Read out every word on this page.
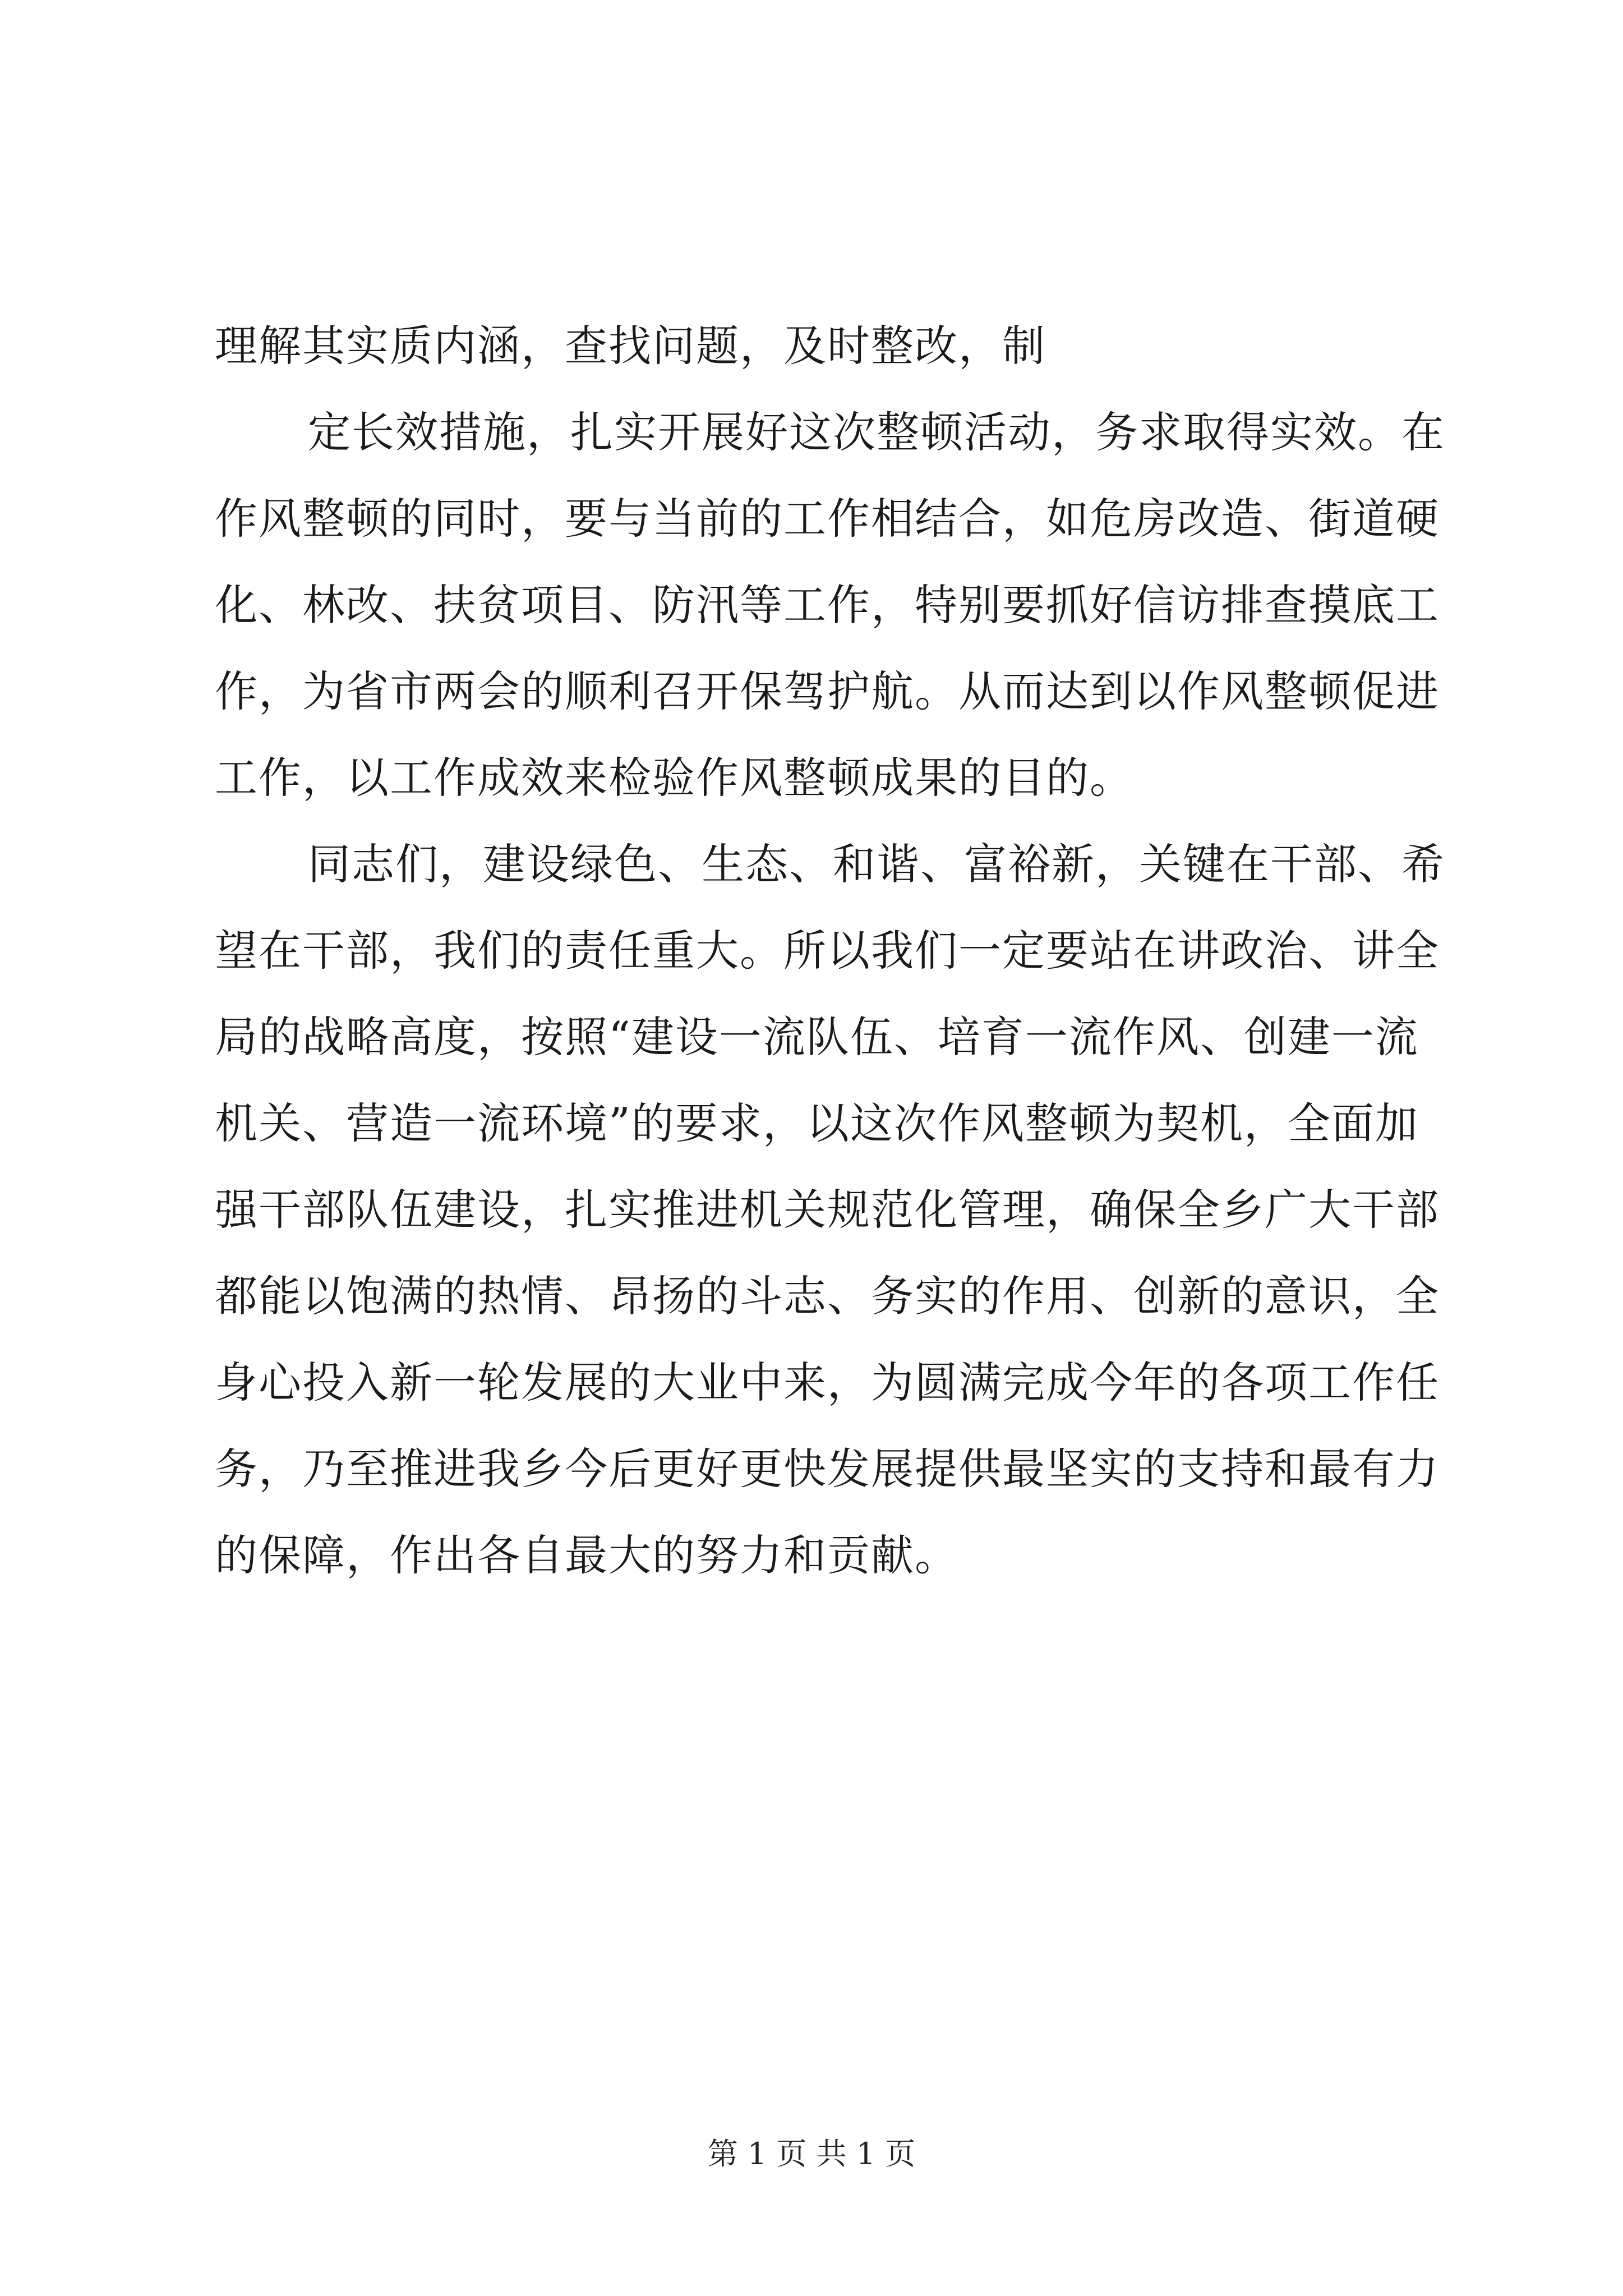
理解其实质内涵，查找问题，及时整改，制
定长效措施，扎实开展好这次整顿活动，务求取得实效。在
作风整顿的同时，要与当前的工作相结合，如危房改造、街道硬
化、林改、扶贫项目、防汛等工作，特别要抓好信访排查摸底工
作，为省市两会的顺利召开保驾护航。从而达到以作风整顿促进
工作，以工作成效来检验作风整顿成果的目的。
同志们，建设绿色、生态、和谐、富裕新，关键在干部、希
望在干部，我们的责任重大。所以我们一定要站在讲政治、讲全
局的战略高度，按照“建设一流队伍、培育一流作风、创建一流
机关、营造一流环境”的要求，以这次作风整顿为契机，全面加
强干部队伍建设，扎实推进机关规范化管理，确保全乡广大干部
都能以饱满的热情、昂扬的斗志、务实的作用、创新的意识，全
身心投入新一轮发展的大业中来，为圆满完成今年的各项工作任
务，乃至推进我乡今后更好更快发展提供最坚实的支持和最有力
的保障，作出各自最大的努力和贡献。
第 1 页 共 1 页
